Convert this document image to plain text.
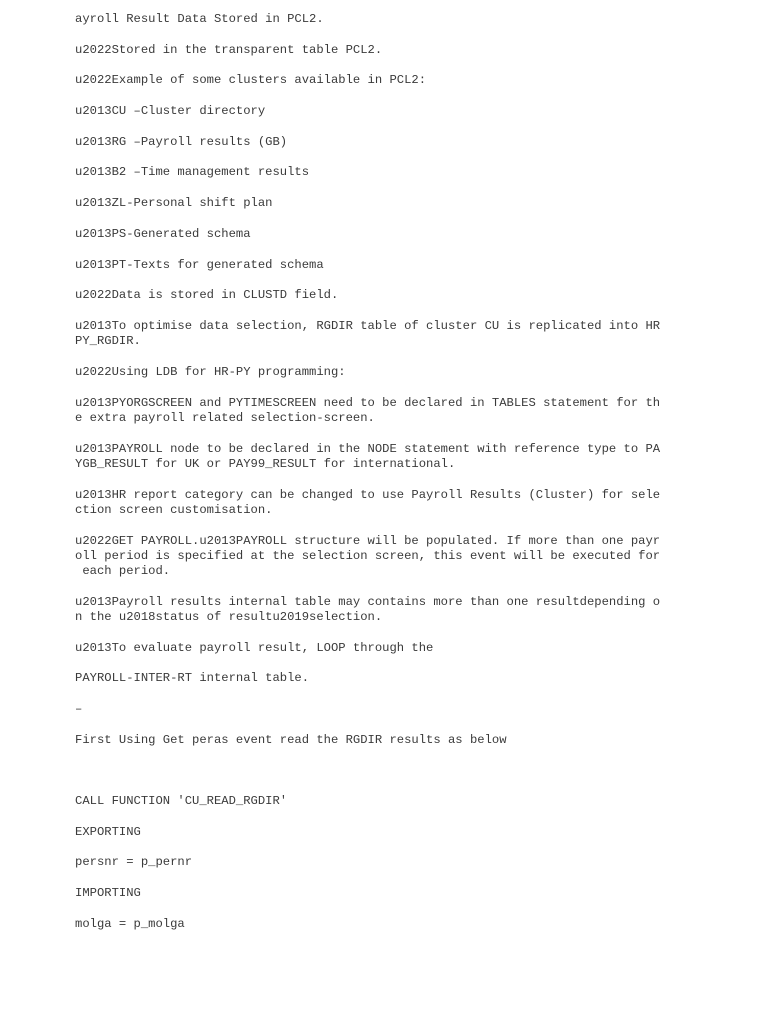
ayroll Result Data Stored in PCL2.

u2022Stored in the transparent table PCL2.

u2022Example of some clusters available in PCL2:

u2013CU –Cluster directory

u2013RG –Payroll results (GB)

u2013B2 –Time management results

u2013ZL-Personal shift plan

u2013PS-Generated schema

u2013PT-Texts for generated schema

u2022Data is stored in CLUSTD field.

u2013To optimise data selection, RGDIR table of cluster CU is replicated into HR
PY_RGDIR.

u2022Using LDB for HR-PY programming:

u2013PYORGSCREEN and PYTIMESCREEN need to be declared in TABLES statement for th
e extra payroll related selection-screen.

u2013PAYROLL node to be declared in the NODE statement with reference type to PA
YGB_RESULT for UK or PAY99_RESULT for international.

u2013HR report category can be changed to use Payroll Results (Cluster) for sele
ction screen customisation.

u2022GET PAYROLL.u2013PAYROLL structure will be populated. If more than one payr
oll period is specified at the selection screen, this event will be executed for
each period.

u2013Payroll results internal table may contains more than one resultdepending o
n the u2018status of resultu2019selection.

u2013To evaluate payroll result, LOOP through the

PAYROLL-INTER-RT internal table.

–

First Using Get peras event read the RGDIR results as below

CALL FUNCTION 'CU_READ_RGDIR'

EXPORTING

persnr = p_pernr

IMPORTING

molga = p_molga
